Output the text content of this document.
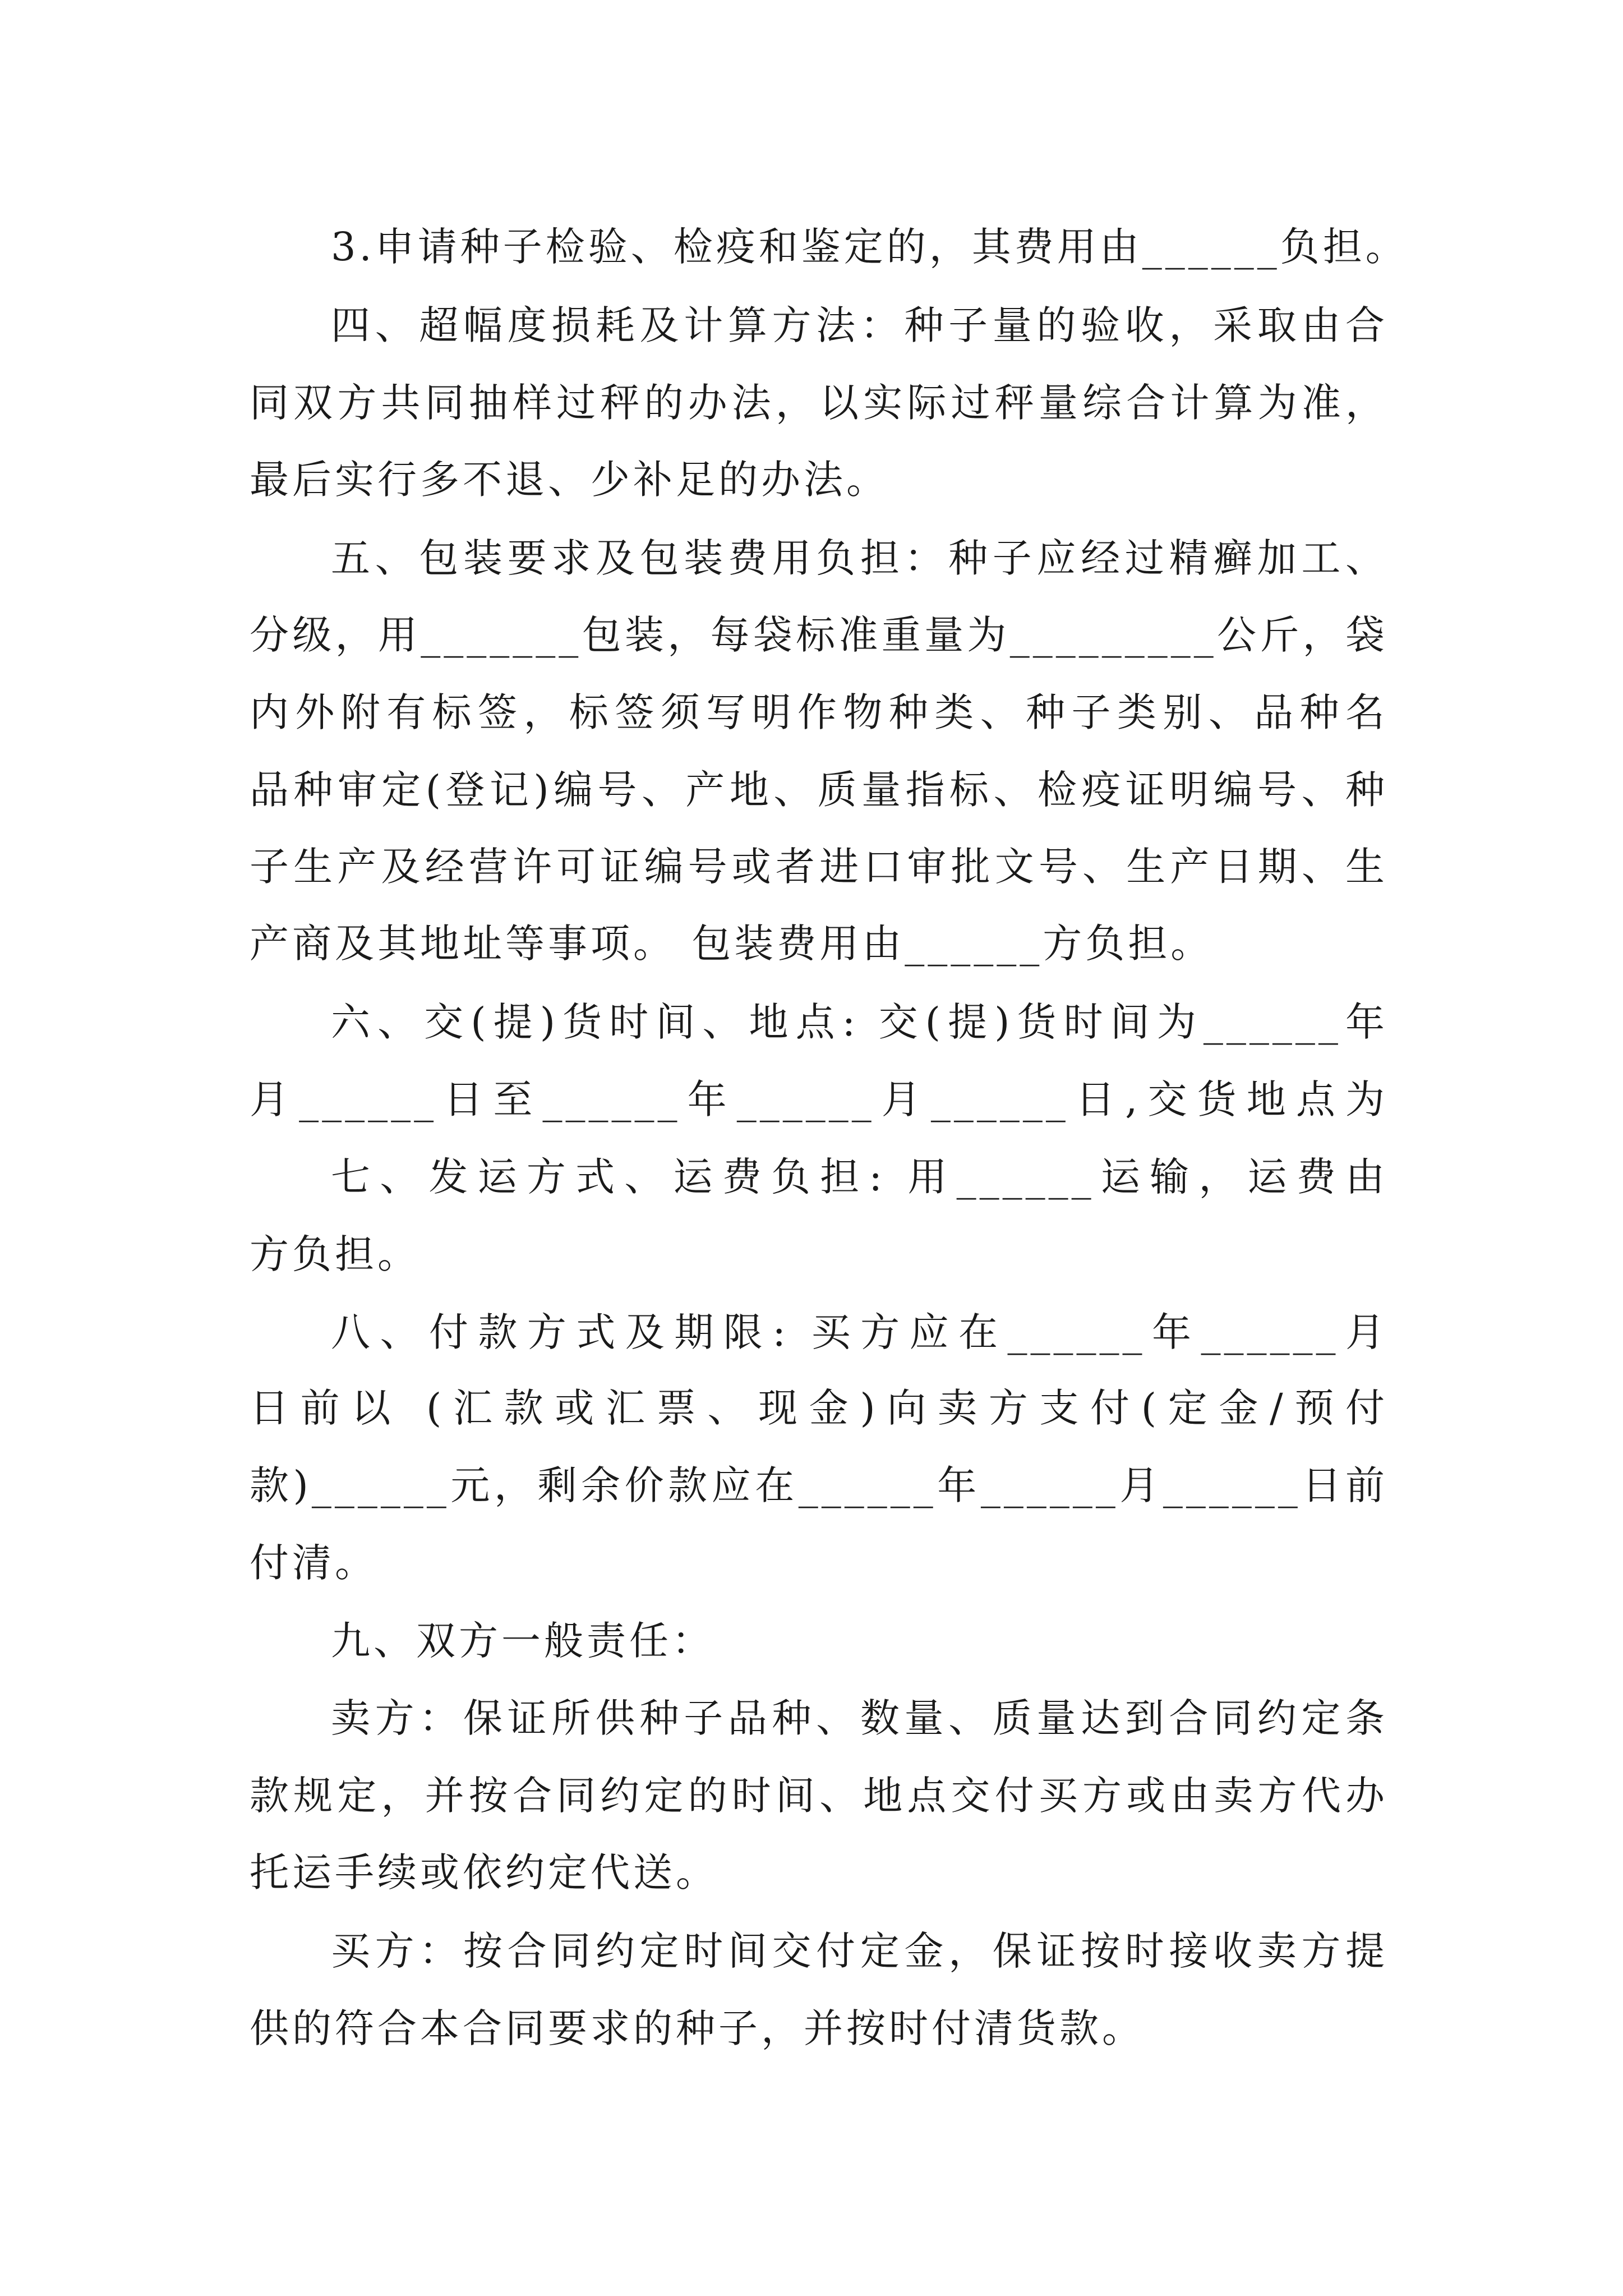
3.申请种子检验、检疫和鉴定的，其费用由______负担。
四、超幅度损耗及计算方法：种子量的验收，采取由合
同双方共同抽样过秤的办法，以实际过秤量综合计算为准，
最后实行多不退、少补足的办法。
五、包装要求及包装费用负担：种子应经过精癣加工、
分级，用_______包装，每袋标准重量为_________公斤，袋
内外附有标签，标签须写明作物种类、种子类别、品种名
品种审定(登记)编号、产地、质量指标、检疫证明编号、种
子生产及经营许可证编号或者进口审批文号、生产日期、生
产商及其地址等事项。 包装费用由______方负担。
六、交(提)货时间、地点: 交(提)货时间为______年
月______日至______年______月______日,交货地点为
七、发运方式、运费负担: 用______运输，运费由
方负担。
八、付款方式及期限: 买方应在______年______月
日前以 (汇款或汇票、现金)向卖方支付(定金/预付
款)______元，剩余价款应在______年______月______日前
付清。
九、双方一般责任：
卖方：保证所供种子品种、数量、质量达到合同约定条
款规定，并按合同约定的时间、地点交付买方或由卖方代办
托运手续或依约定代送。
买方：按合同约定时间交付定金，保证按时接收卖方提
供的符合本合同要求的种子，并按时付清货款。
